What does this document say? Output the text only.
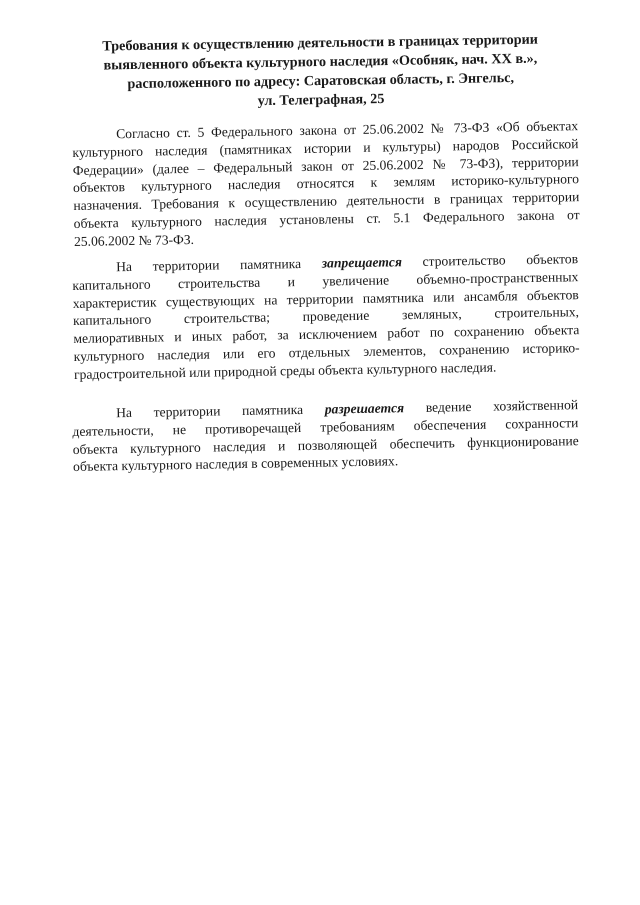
Требования к осуществлению деятельности в границах территории
выявленного объекта культурного наследия «Особняк, нач. XX в.»,
расположенного по адресу: Саратовская область, г. Энгельс,
ул. Телеграфная, 25
Согласно ст. 5 Федерального закона от 25.06.2002 № 73-ФЗ «Об объектах
культурного наследия (памятниках истории и культуры) народов Российской
Федерации» (далее – Федеральный закон от 25.06.2002 № 73-ФЗ), территории
объектов культурного наследия относятся к землям историко-культурного
назначения. Требования к осуществлению деятельности в границах территории
объекта культурного наследия установлены ст. 5.1 Федерального закона от
25.06.2002 № 73-ФЗ.
На территории памятника запрещается строительство объектов
капитального строительства и увеличение объемно-пространственных
характеристик существующих на территории памятника или ансамбля объектов
капитального строительства; проведение земляных, строительных,
мелиоративных и иных работ, за исключением работ по сохранению объекта
культурного наследия или его отдельных элементов, сохранению историко-
градостроительной или природной среды объекта культурного наследия.
На территории памятника разрешается ведение хозяйственной
деятельности, не противоречащей требованиям обеспечения сохранности
объекта культурного наследия и позволяющей обеспечить функционирование
объекта культурного наследия в современных условиях.
